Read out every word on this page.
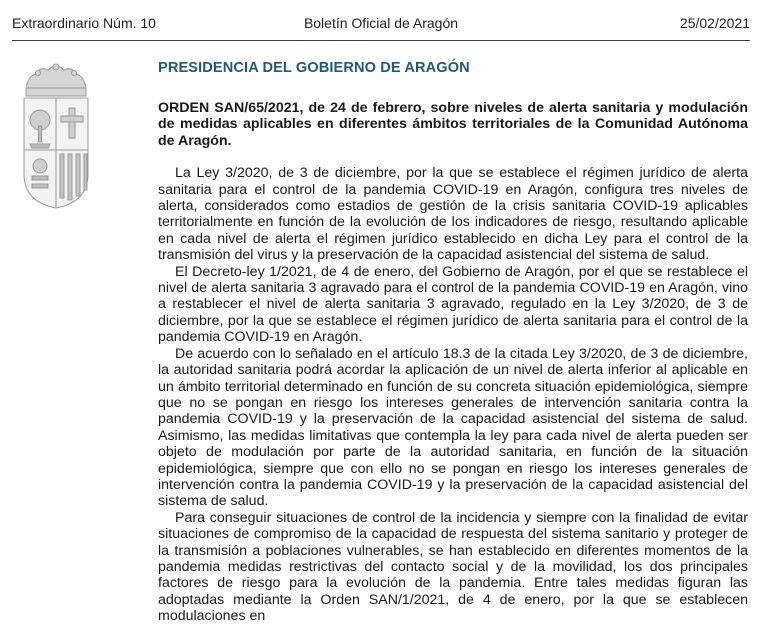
Extraordinario Núm. 10	Boletín Oficial de Aragón	25/02/2021
PRESIDENCIA DEL GOBIERNO DE ARAGÓN
ORDEN SAN/65/2021, de 24 de febrero, sobre niveles de alerta sanitaria y modulación de medidas aplicables en diferentes ámbitos territoriales de la Comunidad Autónoma de Aragón.

La Ley 3/2020, de 3 de diciembre, por la que se establece el régimen jurídico de alerta sanitaria para el control de la pandemia COVID-19 en Aragón, configura tres niveles de alerta, considerados como estadios de gestión de la crisis sanitaria COVID-19 aplicables territorialmente en función de la evolución de los indicadores de riesgo, resultando aplicable en cada nivel de alerta el régimen jurídico establecido en dicha Ley para el control de la transmisión del virus y la preservación de la capacidad asistencial del sistema de salud.

El Decreto-ley 1/2021, de 4 de enero, del Gobierno de Aragón, por el que se restablece el nivel de alerta sanitaria 3 agravado para el control de la pandemia COVID-19 en Aragón, vino a restablecer el nivel de alerta sanitaria 3 agravado, regulado en la Ley 3/2020, de 3 de diciembre, por la que se establece el régimen jurídico de alerta sanitaria para el control de la pandemia COVID-19 en Aragón.

De acuerdo con lo señalado en el artículo 18.3 de la citada Ley 3/2020, de 3 de diciembre, la autoridad sanitaria podrá acordar la aplicación de un nivel de alerta inferior al aplicable en un ámbito territorial determinado en función de su concreta situación epidemiológica, siempre que no se pongan en riesgo los intereses generales de intervención sanitaria contra la pandemia COVID-19 y la preservación de la capacidad asistencial del sistema de salud. Asimismo, las medidas limitativas que contempla la ley para cada nivel de alerta pueden ser objeto de modulación por parte de la autoridad sanitaria, en función de la situación epidemiológica, siempre que con ello no se pongan en riesgo los intereses generales de intervención contra la pandemia COVID-19 y la preservación de la capacidad asistencial del sistema de salud.

Para conseguir situaciones de control de la incidencia y siempre con la finalidad de evitar situaciones de compromiso de la capacidad de respuesta del sistema sanitario y proteger de la transmisión a poblaciones vulnerables, se han establecido en diferentes momentos de la pandemia medidas restrictivas del contacto social y de la movilidad, los dos principales factores de riesgo para la evolución de la pandemia. Entre tales medidas figuran las adoptadas mediante la Orden SAN/1/2021, de 4 de enero, por la que se establecen modulaciones en
